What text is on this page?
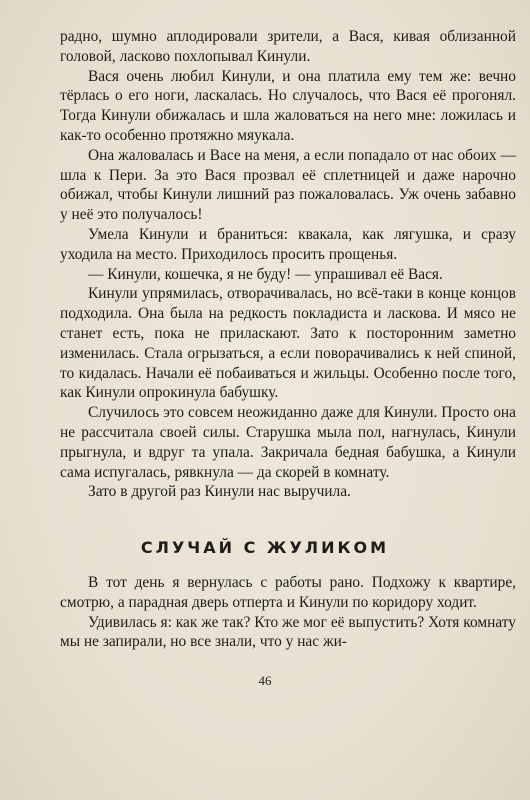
радно, шумно аплодировали зрители, а Вася, кивая облизанной головой, ласково похлопывал Кинули.

Вася очень любил Кинули, и она платила ему тем же: вечно тёрлась о его ноги, ласкалась. Но случалось, что Вася её прогонял. Тогда Кинули обижалась и шла жаловаться на него мне: ложилась и как-то особенно протяжно мяукала.

Она жаловалась и Васе на меня, а если попадало от нас обоих — шла к Пери. За это Вася прозвал её сплетницей и даже нарочно обижал, чтобы Кинули лишний раз пожаловалась. Уж очень забавно у неё это получалось!

Умела Кинули и браниться: квакала, как лягушка, и сразу уходила на место. Приходилось просить прощенья.

— Кинули, кошечка, я не буду! — упрашивал её Вася.

Кинули упрямилась, отворачивалась, но всё-таки в конце концов подходила. Она была на редкость покладиста и ласкова. И мясо не станет есть, пока не приласкают. Зато к посторонним заметно изменилась. Стала огрызаться, а если поворачивались к ней спиной, то кидалась. Начали её побаиваться и жильцы. Особенно после того, как Кинули опрокинула бабушку.

Случилось это совсем неожиданно даже для Кинули. Просто она не рассчитала своей силы. Старушка мыла пол, нагнулась, Кинули прыгнула, и вдруг та упала. Закричала бедная бабушка, а Кинули сама испугалась, рявкнула — да скорей в комнату.

Зато в другой раз Кинули нас выручила.

СЛУЧАЙ С ЖУЛИКОМ

В тот день я вернулась с работы рано. Подхожу к квартире, смотрю, а парадная дверь отперта и Кинули по коридору ходит.

Удивилась я: как же так? Кто же мог её выпустить? Хотя комнату мы не запирали, но все знали, что у нас жи-

46
